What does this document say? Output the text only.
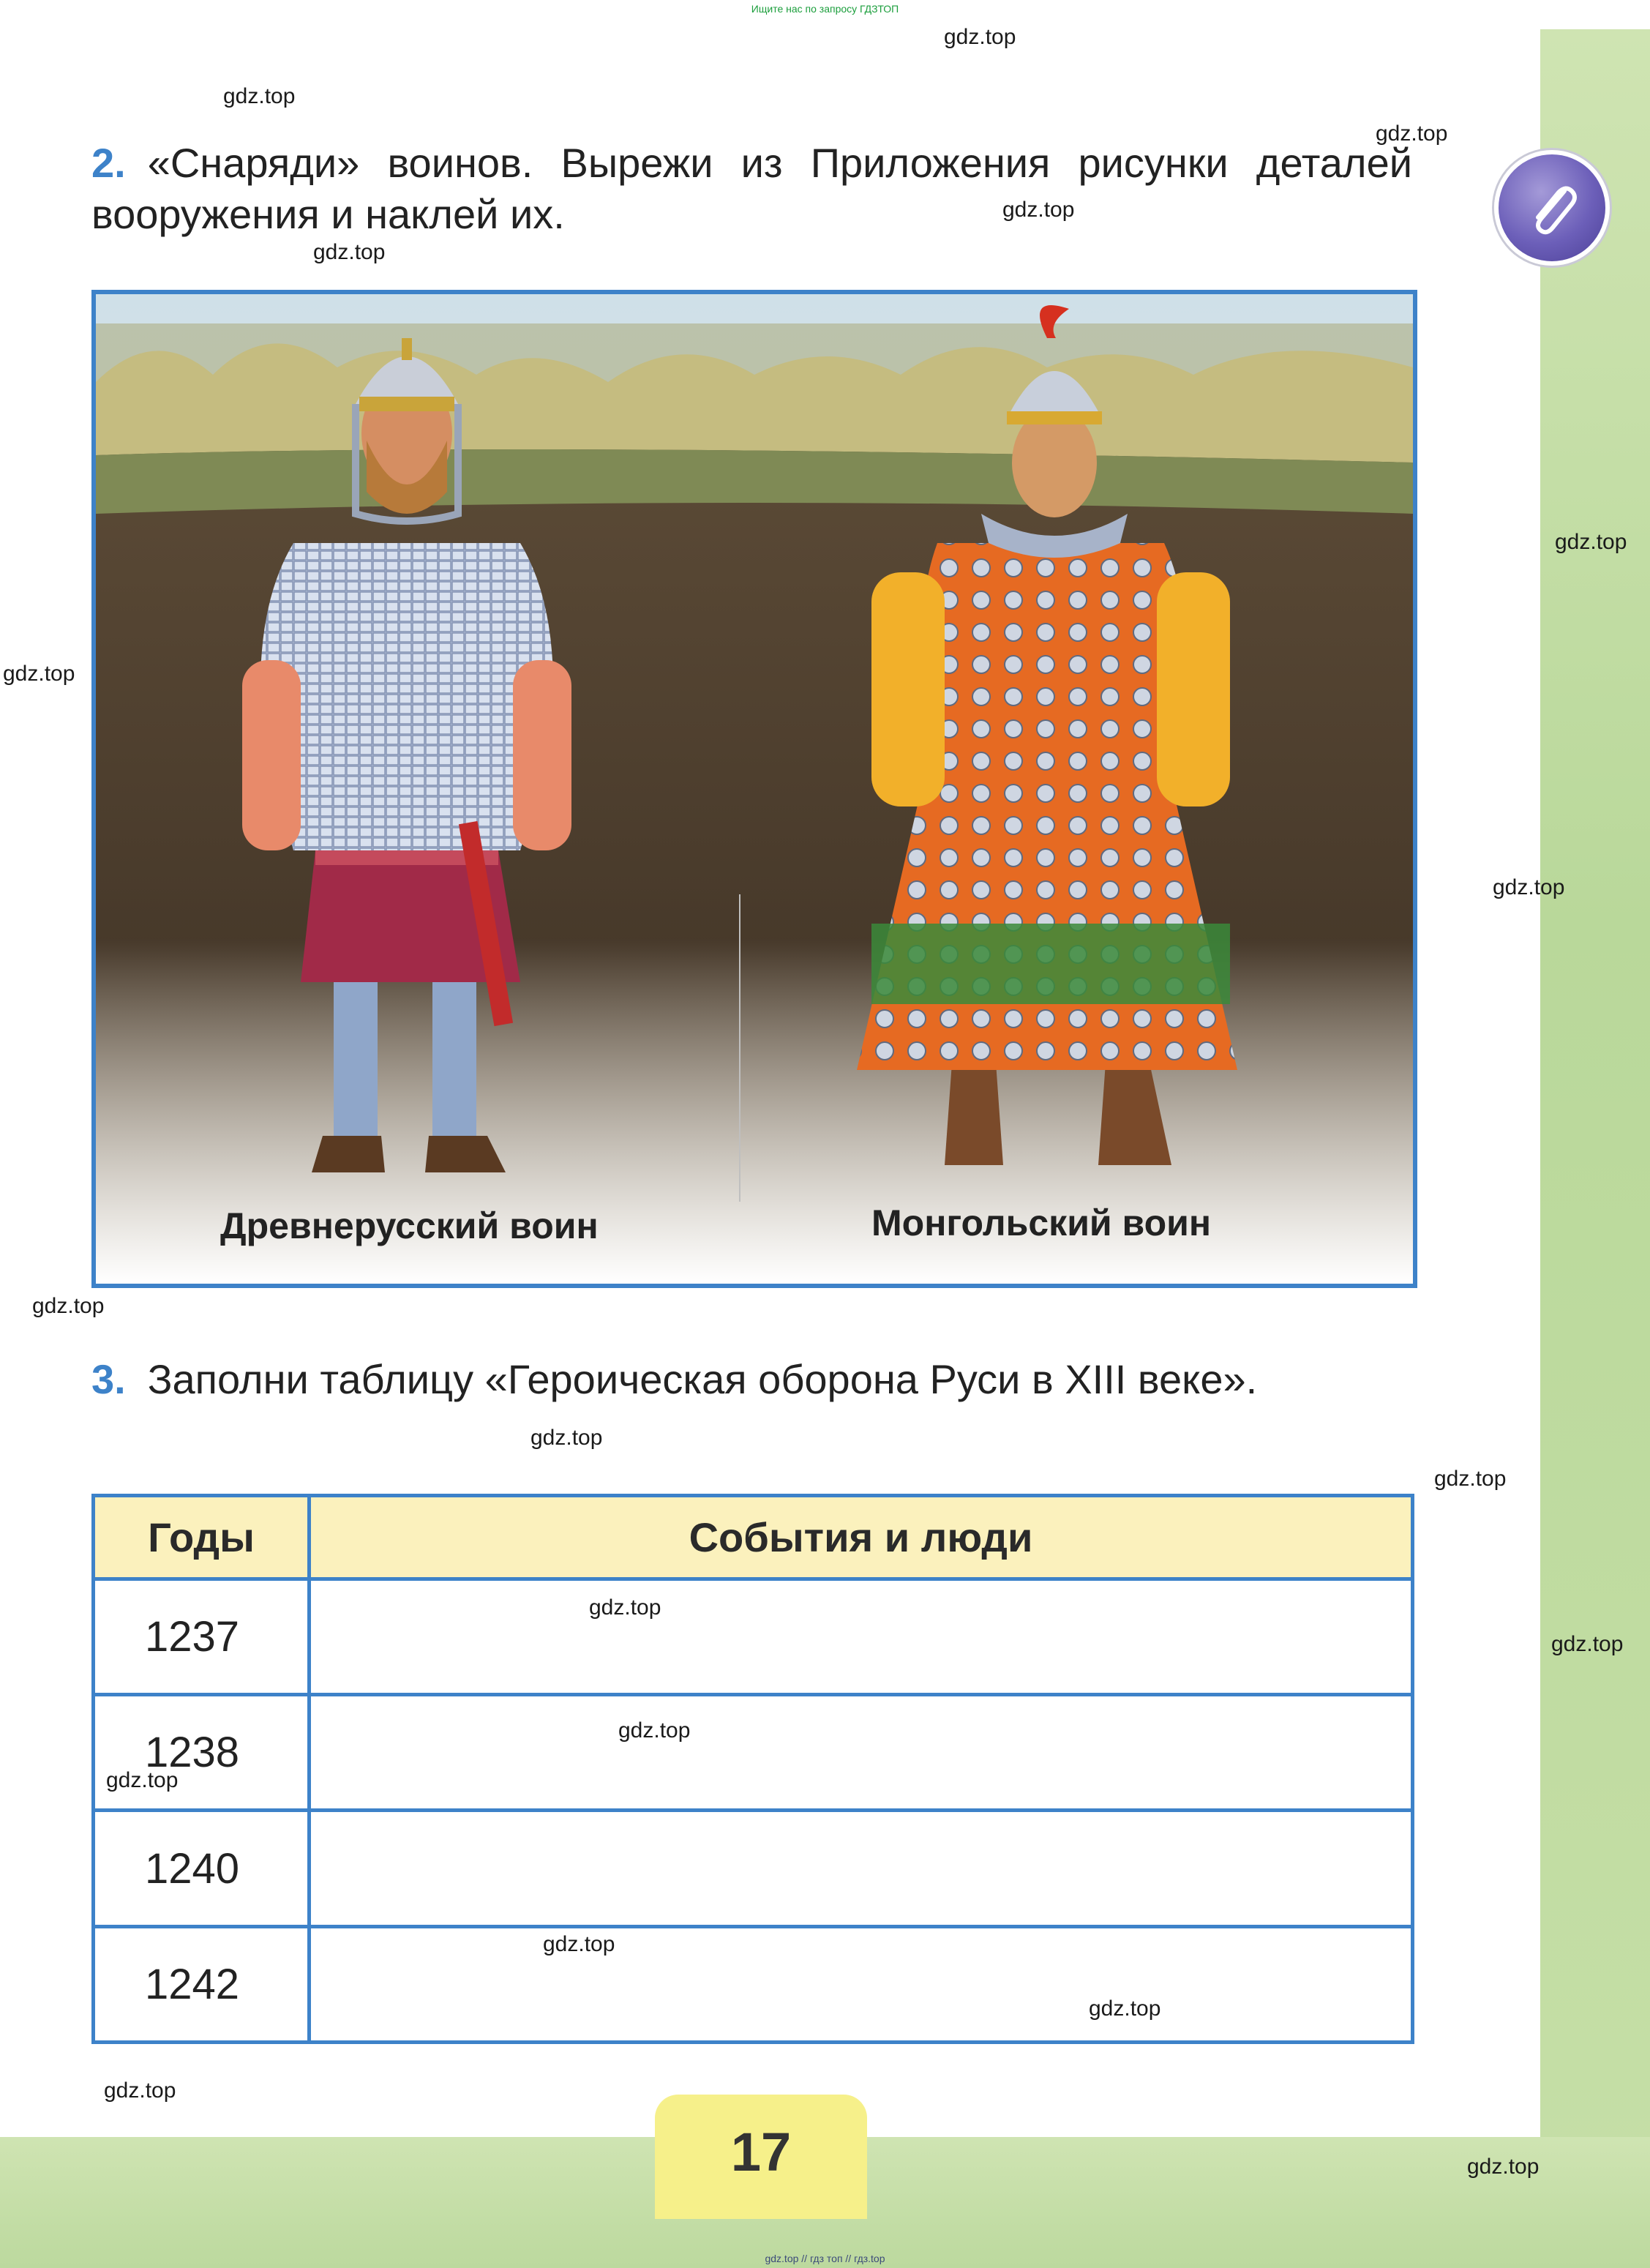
Ищите нас по запросу ГДЗТОП
gdz.top
gdz.top
gdz.top
gdz.top
gdz.top
gdz.top
gdz.top
gdz.top
gdz.top
gdz.top
gdz.top
gdz.top
gdz.top
gdz.top
gdz.top
gdz.top
gdz.top
gdz.top
gdz.top
2. «Снаряди» воинов. Вырежи из Приложения рисунки деталей вооружения и наклей их.
Древнерусский воин	Монгольский воин
3. Заполни таблицу «Героическая оборона Руси в XIII веке».
Годы	События и люди
1237	
1238	
1240	
1242	
17
gdz.top // гдз топ // гдз.top
